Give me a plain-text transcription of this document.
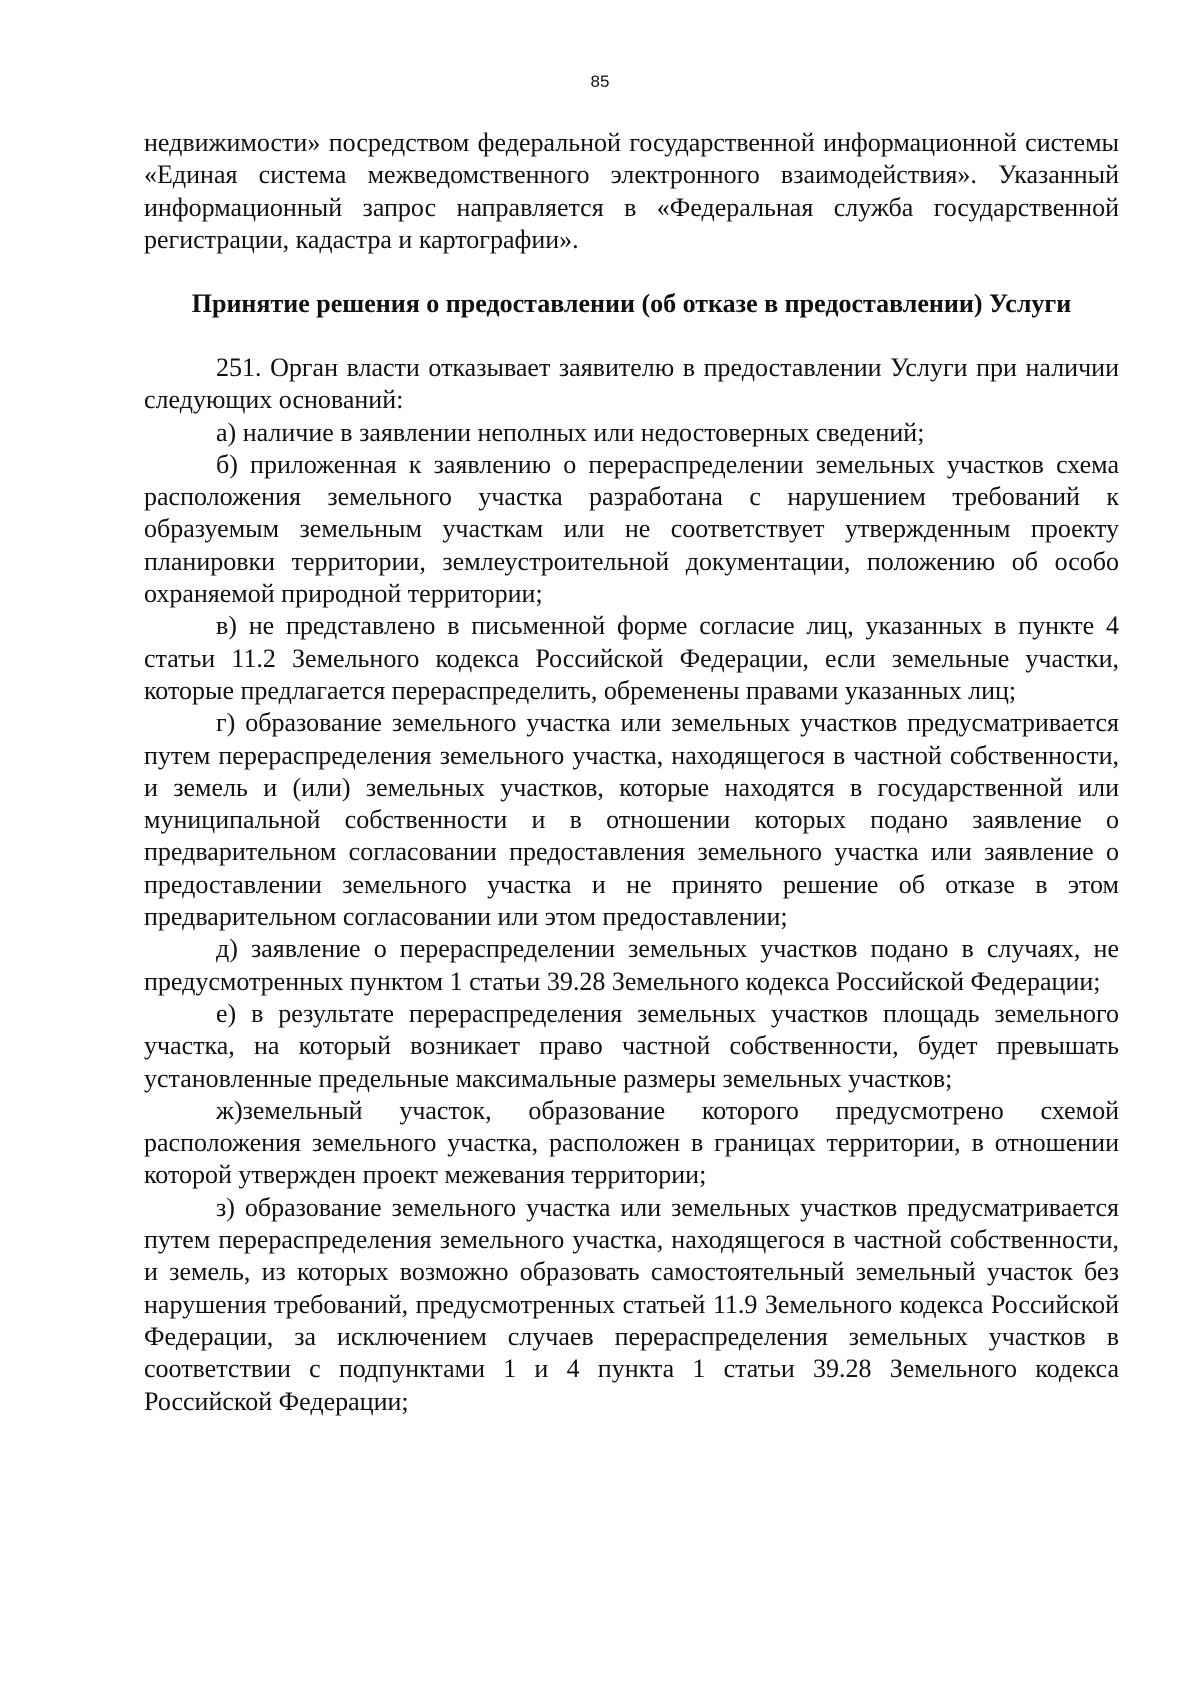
85

недвижимости» посредством федеральной государственной информационной системы «Единая система межведомственного электронного взаимодействия». Указанный информационный запрос направляется в «Федеральная служба государственной регистрации, кадастра и картографии».

Принятие решения о предоставлении (об отказе в предоставлении) Услуги

251. Орган власти отказывает заявителю в предоставлении Услуги при наличии следующих оснований:

а) наличие в заявлении неполных или недостоверных сведений;

б) приложенная к заявлению о перераспределении земельных участков схема расположения земельного участка разработана с нарушением требований к образуемым земельным участкам или не соответствует утвержденным проекту планировки территории, землеустроительной документации, положению об особо охраняемой природной территории;

в) не представлено в письменной форме согласие лиц, указанных в пункте 4 статьи 11.2 Земельного кодекса Российской Федерации, если земельные участки, которые предлагается перераспределить, обременены правами указанных лиц;

г) образование земельного участка или земельных участков предусматривается путем перераспределения земельного участка, находящегося в частной собственности, и земель и (или) земельных участков, которые находятся в государственной или муниципальной собственности и в отношении которых подано заявление о предварительном согласовании предоставления земельного участка или заявление о предоставлении земельного участка и не принято решение об отказе в этом предварительном согласовании или этом предоставлении;

д) заявление о перераспределении земельных участков подано в случаях, не предусмотренных пунктом 1 статьи 39.28 Земельного кодекса Российской Федерации;

е) в результате перераспределения земельных участков площадь земельного участка, на который возникает право частной собственности, будет превышать установленные предельные максимальные размеры земельных участков;

ж)земельный участок, образование которого предусмотрено схемой расположения земельного участка, расположен в границах территории, в отношении которой утвержден проект межевания территории;

з) образование земельного участка или земельных участков предусматривается путем перераспределения земельного участка, находящегося в частной собственности, и земель, из которых возможно образовать самостоятельный земельный участок без нарушения требований, предусмотренных статьей 11.9 Земельного кодекса Российской Федерации, за исключением случаев перераспределения земельных участков в соответствии с подпунктами 1 и 4 пункта 1 статьи 39.28 Земельного кодекса Российской Федерации;
